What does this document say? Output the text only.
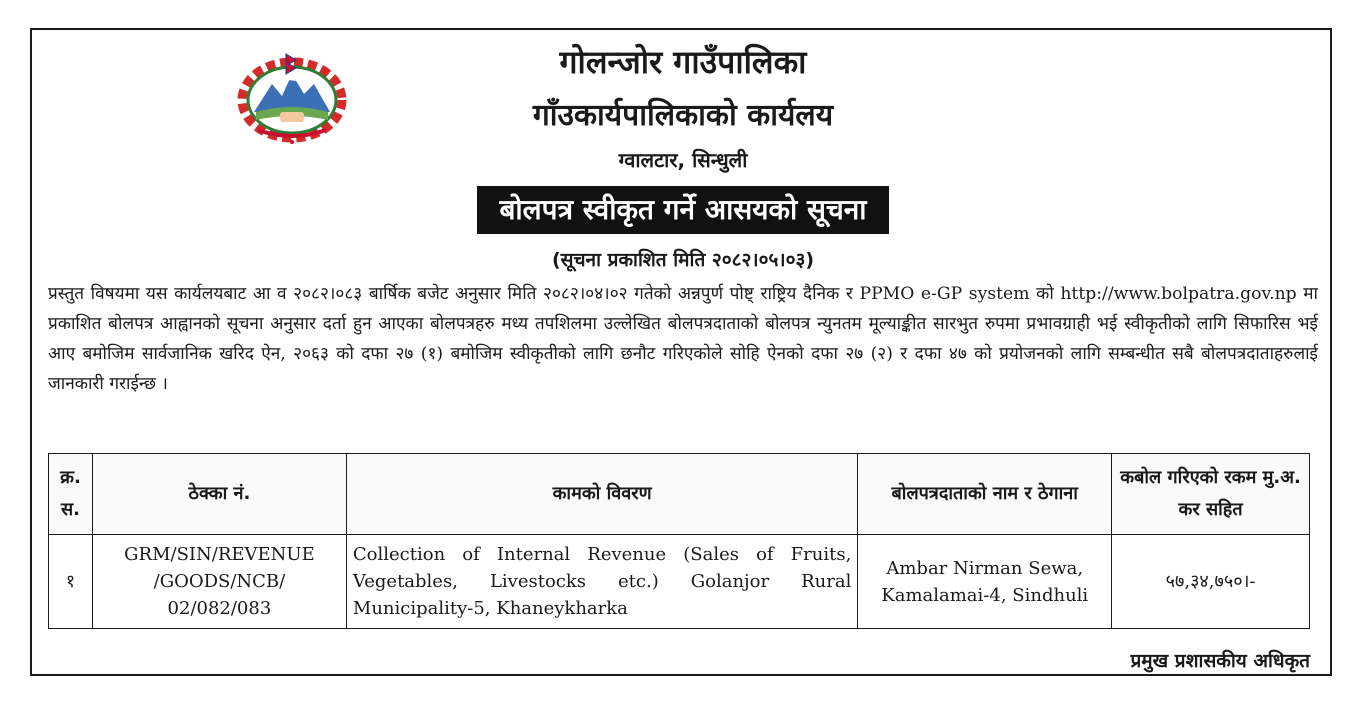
गोलन्जोर गाउँपालिका
गाँउकार्यपालिकाको कार्यलय
ग्वालटार, सिन्धुली
बोलपत्र स्वीकृत गर्ने आसयको सूचना
(सूचना प्रकाशित मिति २०८२।०५।०३)
प्रस्तुत विषयमा यस कार्यलयबाट आ व २०८२।०८३ बार्षिक बजेट अनुसार मिति २०८२।०४।०२ गतेको अन्नपुर्ण पोष्ट् राष्ट्रिय दैनिक र PPMO e-GP system को http://www.bolpatra.gov.np मा प्रकाशित बोलपत्र आह्वानको सूचना अनुसार दर्ता हुन आएका बोलपत्रहरु मध्य तपशिलमा उल्लेखित बोलपत्रदाताको बोलपत्र न्युनतम मूल्याङ्कीत सारभुत रुपमा प्रभावग्राही भई स्वीकृतीको लागि सिफारिस भई आए बमोजिम सार्वजानिक खरिद ऐन, २०६३ को दफा २७ (१) बमोजिम स्वीकृतीको लागि छनौट गरिएकोले सोहि ऐनको दफा २७ (२) र दफा ४७ को प्रयोजनको लागि सम्बन्धीत सबै बोलपत्रदाताहरुलाई जानकारी गराईन्छ ।
क्र. स.	ठेक्का नं.	कामको विवरण	बोलपत्रदाताको नाम र ठेगाना	कबोल गरिएको रकम मु.अ. कर सहित
१	GRM/SIN/REVENUE /GOODS/NCB/ 02/082/083	Collection of Internal Revenue (Sales of Fruits, Vegetables, Livestocks etc.) Golanjor Rural Municipality-5, Khaneykharka	Ambar Nirman Sewa, Kamalamai-4, Sindhuli	५७,३४,७५०।-
प्रमुख प्रशासकीय अधिकृत
